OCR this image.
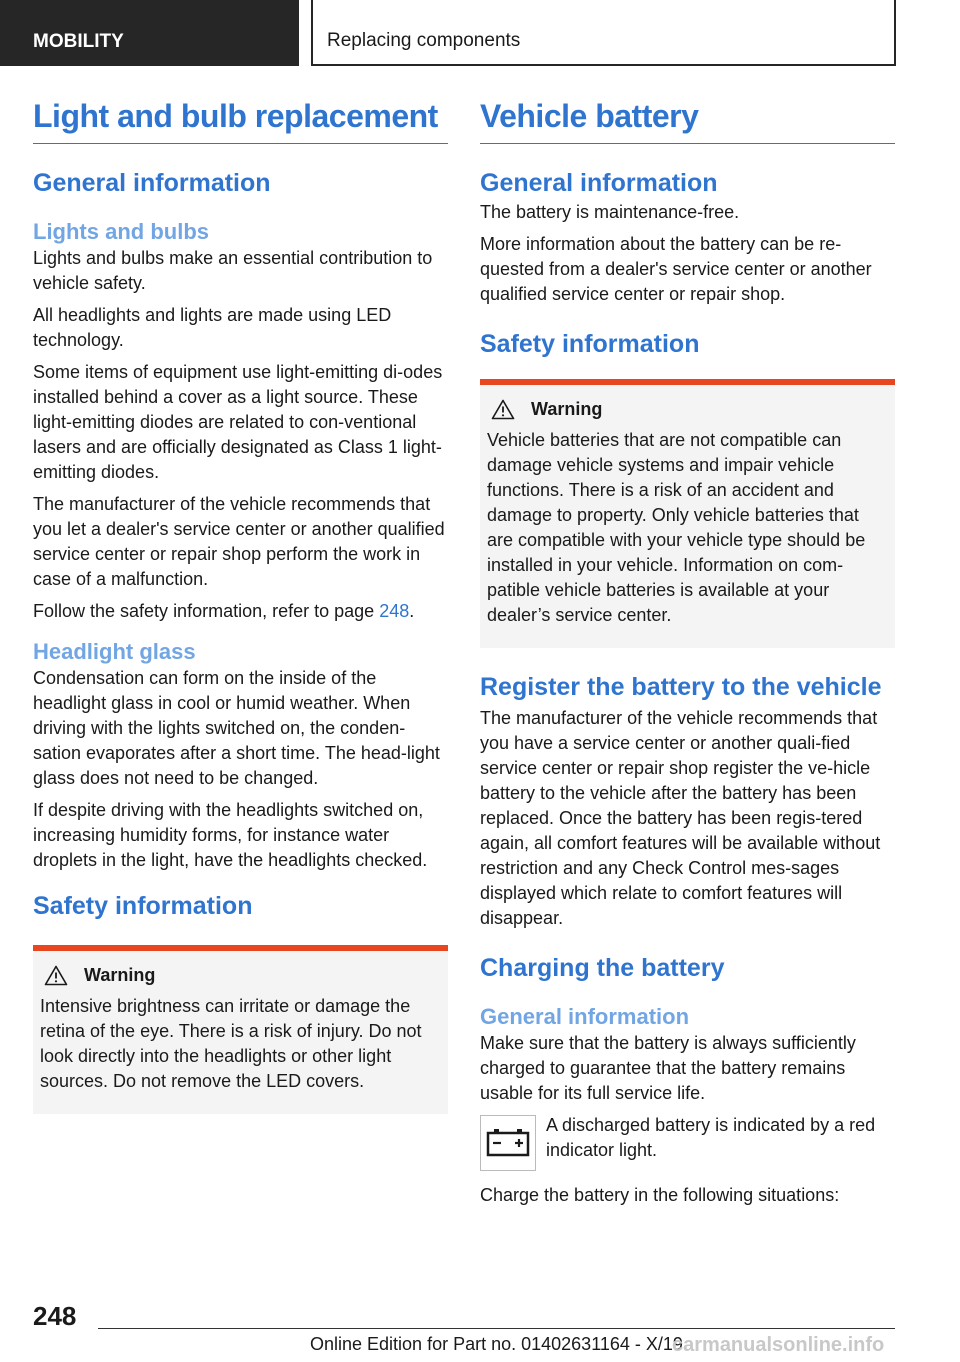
MOBILITY	Replacing components
Light and bulb replacement
General information
Lights and bulbs

Lights and bulbs make an essential contribution to vehicle safety.

All headlights and lights are made using LED technology.

Some items of equipment use light-emitting di-odes installed behind a cover as a light source. These light-emitting diodes are related to con-ventional lasers and are officially designated as Class 1 light-emitting diodes.

The manufacturer of the vehicle recommends that you let a dealer's service center or another qualified service center or repair shop perform the work in case of a malfunction.

Follow the safety information, refer to page 248.

Headlight glass

Condensation can form on the inside of the headlight glass in cool or humid weather. When driving with the lights switched on, the conden-sation evaporates after a short time. The head-light glass does not need to be changed.

If despite driving with the headlights switched on, increasing humidity forms, for instance water droplets in the light, have the headlights checked.

Safety information
Warning

Intensive brightness can irritate or damage the retina of the eye. There is a risk of injury. Do not look directly into the headlights or other light sources. Do not remove the LED covers.

Vehicle battery
General information

The battery is maintenance-free.

More information about the battery can be re-quested from a dealer's service center or another qualified service center or repair shop.

Safety information
Warning

Vehicle batteries that are not compatible can damage vehicle systems and impair vehicle functions. There is a risk of an accident and damage to property. Only vehicle batteries that are compatible with your vehicle type should be installed in your vehicle. Information on com-patible vehicle batteries is available at your dealer’s service center.

Register the battery to the vehicle

The manufacturer of the vehicle recommends that you have a service center or another quali-fied service center or repair shop register the ve-hicle battery to the vehicle after the battery has been replaced. Once the battery has been regis-tered again, all comfort features will be available without restriction and any Check Control mes-sages displayed which relate to comfort features will disappear.

Charging the battery
General information

Make sure that the battery is always sufficiently charged to guarantee that the battery remains usable for its full service life.

A discharged battery is indicated by a red indicator light.

Charge the battery in the following situations:

248
Online Edition for Part no. 01402631164 - X/19
carmanualsonline.info
